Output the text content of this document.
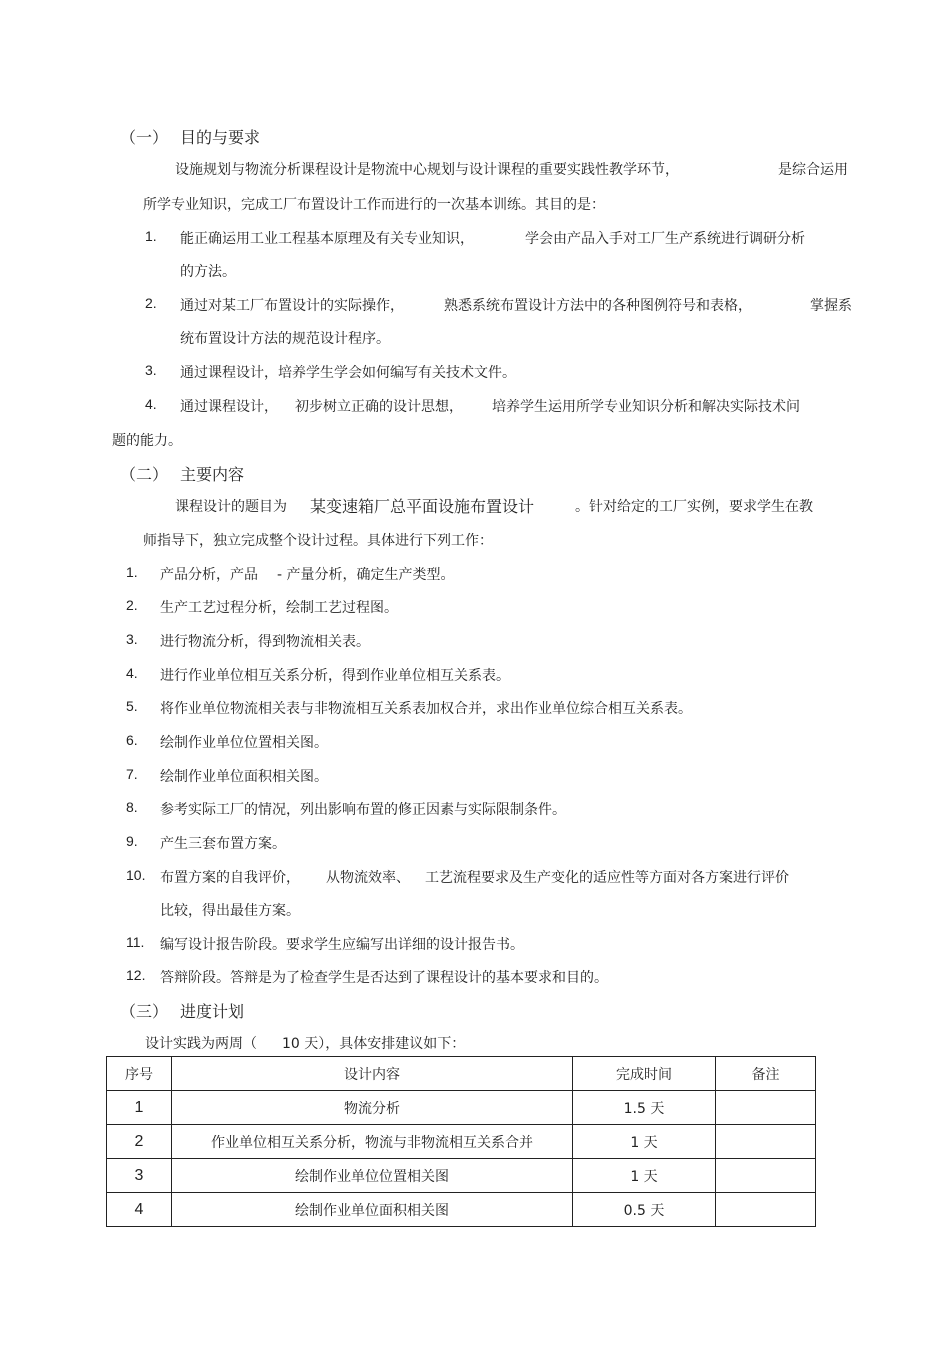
（一） 目的与要求
设施规划与物流分析课程设计是物流中心规划与设计课程的重要实践性教学环节，	是综合运用
所学专业知识，完成工厂布置设计工作而进行的一次基本训练。其目的是：
1. 能正确运用工业工程基本原理及有关专业知识，	学会由产品入手对工厂生产系统进行调研分析
的方法。
2. 通过对某工厂布置设计的实际操作，	熟悉系统布置设计方法中的各种图例符号和表格，	掌握系
统布置设计方法的规范设计程序。
3. 通过课程设计，培养学生学会如何编写有关技术文件。
4. 通过课程设计， 初步树立正确的设计思想， 培养学生运用所学专业知识分析和解决实际技术问
题的能力。
（二） 主要内容
课程设计的题目为 某变速箱厂总平面设施布置设计	。针对给定的工厂实例，要求学生在教
师指导下，独立完成整个设计过程。具体进行下列工作：
1. 产品分析，产品 - 产量分析，确定生产类型。
2. 生产工艺过程分析，绘制工艺过程图。
3. 进行物流分析，得到物流相关表。
4. 进行作业单位相互关系分析，得到作业单位相互关系表。
5. 将作业单位物流相关表与非物流相互关系表加权合并，求出作业单位综合相互关系表。
6. 绘制作业单位位置相关图。
7. 绘制作业单位面积相关图。
8. 参考实际工厂的情况，列出影响布置的修正因素与实际限制条件。
9. 产生三套布置方案。
10. 布置方案的自我评价， 从物流效率、 工艺流程要求及生产变化的适应性等方面对各方案进行评价
比较，得出最佳方案。
11. 编写设计报告阶段。要求学生应编写出详细的设计报告书。
12. 答辩阶段。答辩是为了检查学生是否达到了课程设计的基本要求和目的。
（三） 进度计划
设计实践为两周（ 10 天），具体安排建议如下：
序号	设计内容	完成时间	备注
1	物流分析	1.5 天	
2	作业单位相互关系分析，物流与非物流相互关系合并	1 天	
3	绘制作业单位位置相关图	1 天	
4	绘制作业单位面积相关图	0.5 天	
